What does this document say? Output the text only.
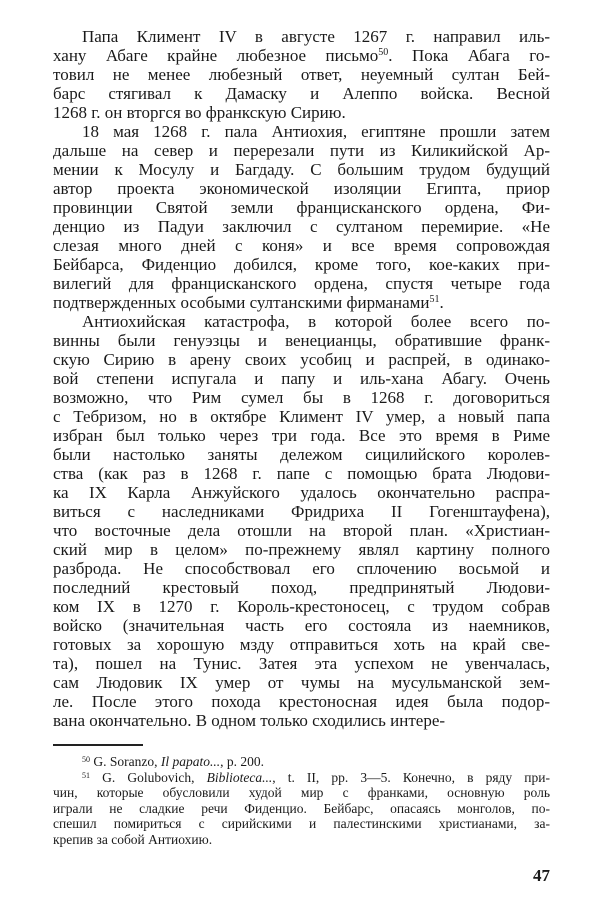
Папа Климент IV в августе 1267 г. направил иль-
хану Абаге крайне любезное письмо$^{50}$. Пока Абага го-
товил не менее любезный ответ, неуемный султан Бей-
барс стягивал к Дамаску и Алеппо войска. Весной
1268 г. он вторгся во франкскую Сирию.
18 мая 1268 г. пала Антиохия, египтяне прошли затем
дальше на север и перерезали пути из Киликийской Ар-
мении к Мосулу и Багдаду. С большим трудом будущий
автор проекта экономической изоляции Египта, приор
провинции Святой земли францисканского ордена, Фи-
денцио из Падуи заключил с султаном перемирие. «Не
слезая много дней с коня» и все время сопровождая
Бейбарса, Фиденцио добился, кроме того, кое-каких при-
вилегий для францисканского ордена, спустя четыре года
подтвержденных особыми султанскими фирманами$^{51}$.
Антиохийская катастрофа, в которой более всего по-
винны были генуэзцы и венецианцы, обратившие франк-
скую Сирию в арену своих усобиц и распрей, в одинако-
вой степени испугала и папу и иль-хана Абагу. Очень
возможно, что Рим сумел бы в 1268 г. договориться
с Тебризом, но в октябре Климент IV умер, а новый папа
избран был только через три года. Все это время в Риме
были настолько заняты дележом сицилийского королев-
ства (как раз в 1268 г. папе с помощью брата Людови-
ка IX Карла Анжуйского удалось окончательно распра-
виться с наследниками Фридриха II Гогенштауфена),
что восточные дела отошли на второй план. «Христиан-
ский мир в целом» по-прежнему являл картину полного
разброда. Не способствовал его сплочению восьмой и
последний крестовый поход, предпринятый Людови-
ком IX в 1270 г. Король-крестоносец, с трудом собрав
войско (значительная часть его состояла из наемников,
готовых за хорошую мзду отправиться хоть на край све-
та), пошел на Тунис. Затея эта успехом не увенчалась,
сам Людовик IX умер от чумы на мусульманской зем-
ле. После этого похода крестоносная идея была подор-
вана окончательно. В одном только сходились интере-
$^{50}$ G. Soranzo, Il papato..., p. 200.
$^{51}$ G. Golubovich, Biblioteca..., t. II, pp. 3—5. Конечно, в ряду при-
чин, которые обусловили худой мир с франками, основную роль
играли не сладкие речи Фиденцио. Бейбарс, опасаясь монголов, по-
спешил помириться с сирийскими и палестинскими христианами, за-
крепив за собой Антиохию.
47
